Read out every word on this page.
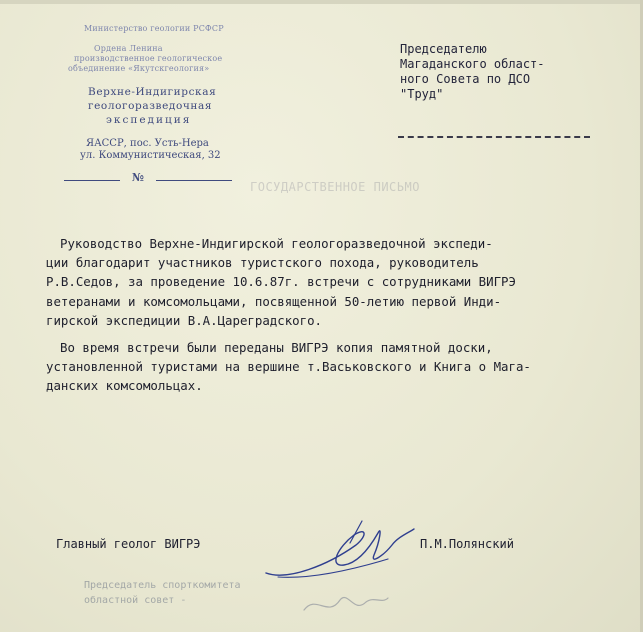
Министерство геологии РСФСР
Ордена Ленина
производственное геологическое
объединение «Якутскгеология»
Верхне-Индигирская
геологоразведочная
экспедиция
ЯАССР, пос. Усть-Нера
ул. Коммунистическая, 32
№
Председателю
Магаданского област-
ного Совета по ДСО
"Труд"
ГОСУДАРСТВЕННОЕ ПИСЬМО

Руководство Верхне-Индигирской геологоразведочной экспеди-
ции благодарит участников туристского похода, руководитель
Р.В.Седов, за проведение 10.6.87г. встречи с сотрудниками ВИГРЭ
ветеранами и комсомольцами, посвященной 50-летию первой Инди-
гирской экспедиции В.А.Цареградского.

Во время встречи были переданы ВИГРЭ копия памятной доски,
установленной туристами на вершине т.Васьковского и Книга о Мага-
данских комсомольцах.

Главный геолог ВИГРЭ	П.М.Полянский
Председатель спорткомитета
областной совет -
